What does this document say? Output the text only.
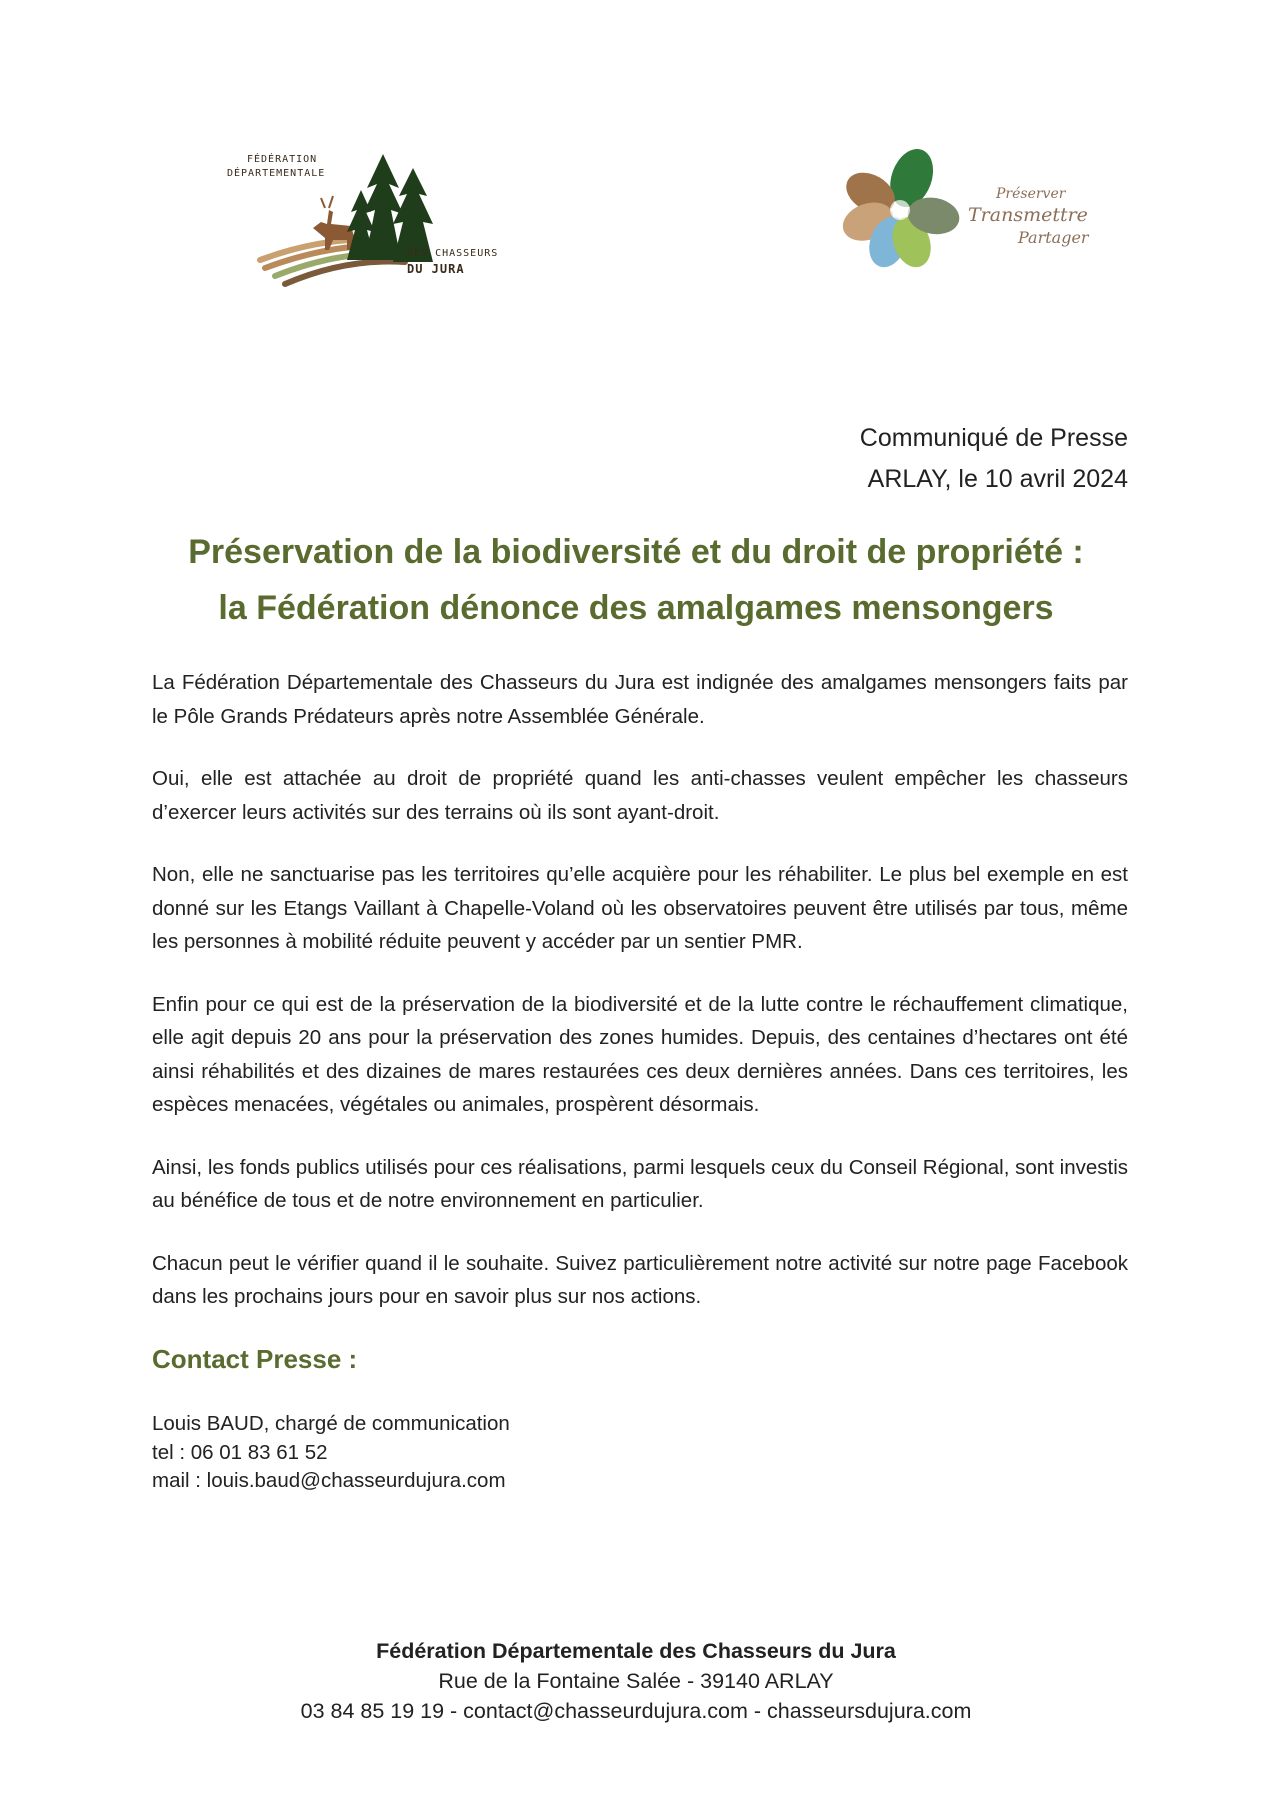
FÉDÉRATION
DÉPARTEMENTALE
DES CHASSEURS
DU JURA
Préserver
Transmettre
Partager
Communiqué de Presse
ARLAY, le 10 avril 2024
Préservation de la biodiversité et du droit de propriété :
la Fédération dénonce des amalgames mensongers

La Fédération Départementale des Chasseurs du Jura est indignée des amalgames mensongers faits par le Pôle Grands Prédateurs après notre Assemblée Générale.

Oui, elle est attachée au droit de propriété quand les anti-chasses veulent empêcher les chasseurs d’exercer leurs activités sur des terrains où ils sont ayant-droit.

Non, elle ne sanctuarise pas les territoires qu’elle acquière pour les réhabiliter. Le plus bel exemple en est donné sur les Etangs Vaillant à Chapelle-Voland où les observatoires peuvent être utilisés par tous, même les personnes à mobilité réduite peuvent y accéder par un sentier PMR.

Enfin pour ce qui est de la préservation de la biodiversité et de la lutte contre le réchauffement climatique, elle agit depuis 20 ans pour la préservation des zones humides. Depuis, des centaines d’hectares ont été ainsi réhabilités et des dizaines de mares restaurées ces deux dernières années. Dans ces territoires, les espèces menacées, végétales ou animales, prospèrent désormais.

Ainsi, les fonds publics utilisés pour ces réalisations, parmi lesquels ceux du Conseil Régional, sont investis au bénéfice de tous et de notre environnement en particulier.

Chacun peut le vérifier quand il le souhaite. Suivez particulièrement notre activité sur notre page Facebook dans les prochains jours pour en savoir plus sur nos actions.

Contact Presse :
Louis BAUD, chargé de communication
tel : 06 01 83 61 52
mail : louis.baud@chasseurdujura.com
Fédération Départementale des Chasseurs du Jura
Rue de la Fontaine Salée - 39140 ARLAY
03 84 85 19 19 - contact@chasseurdujura.com - chasseursdujura.com
